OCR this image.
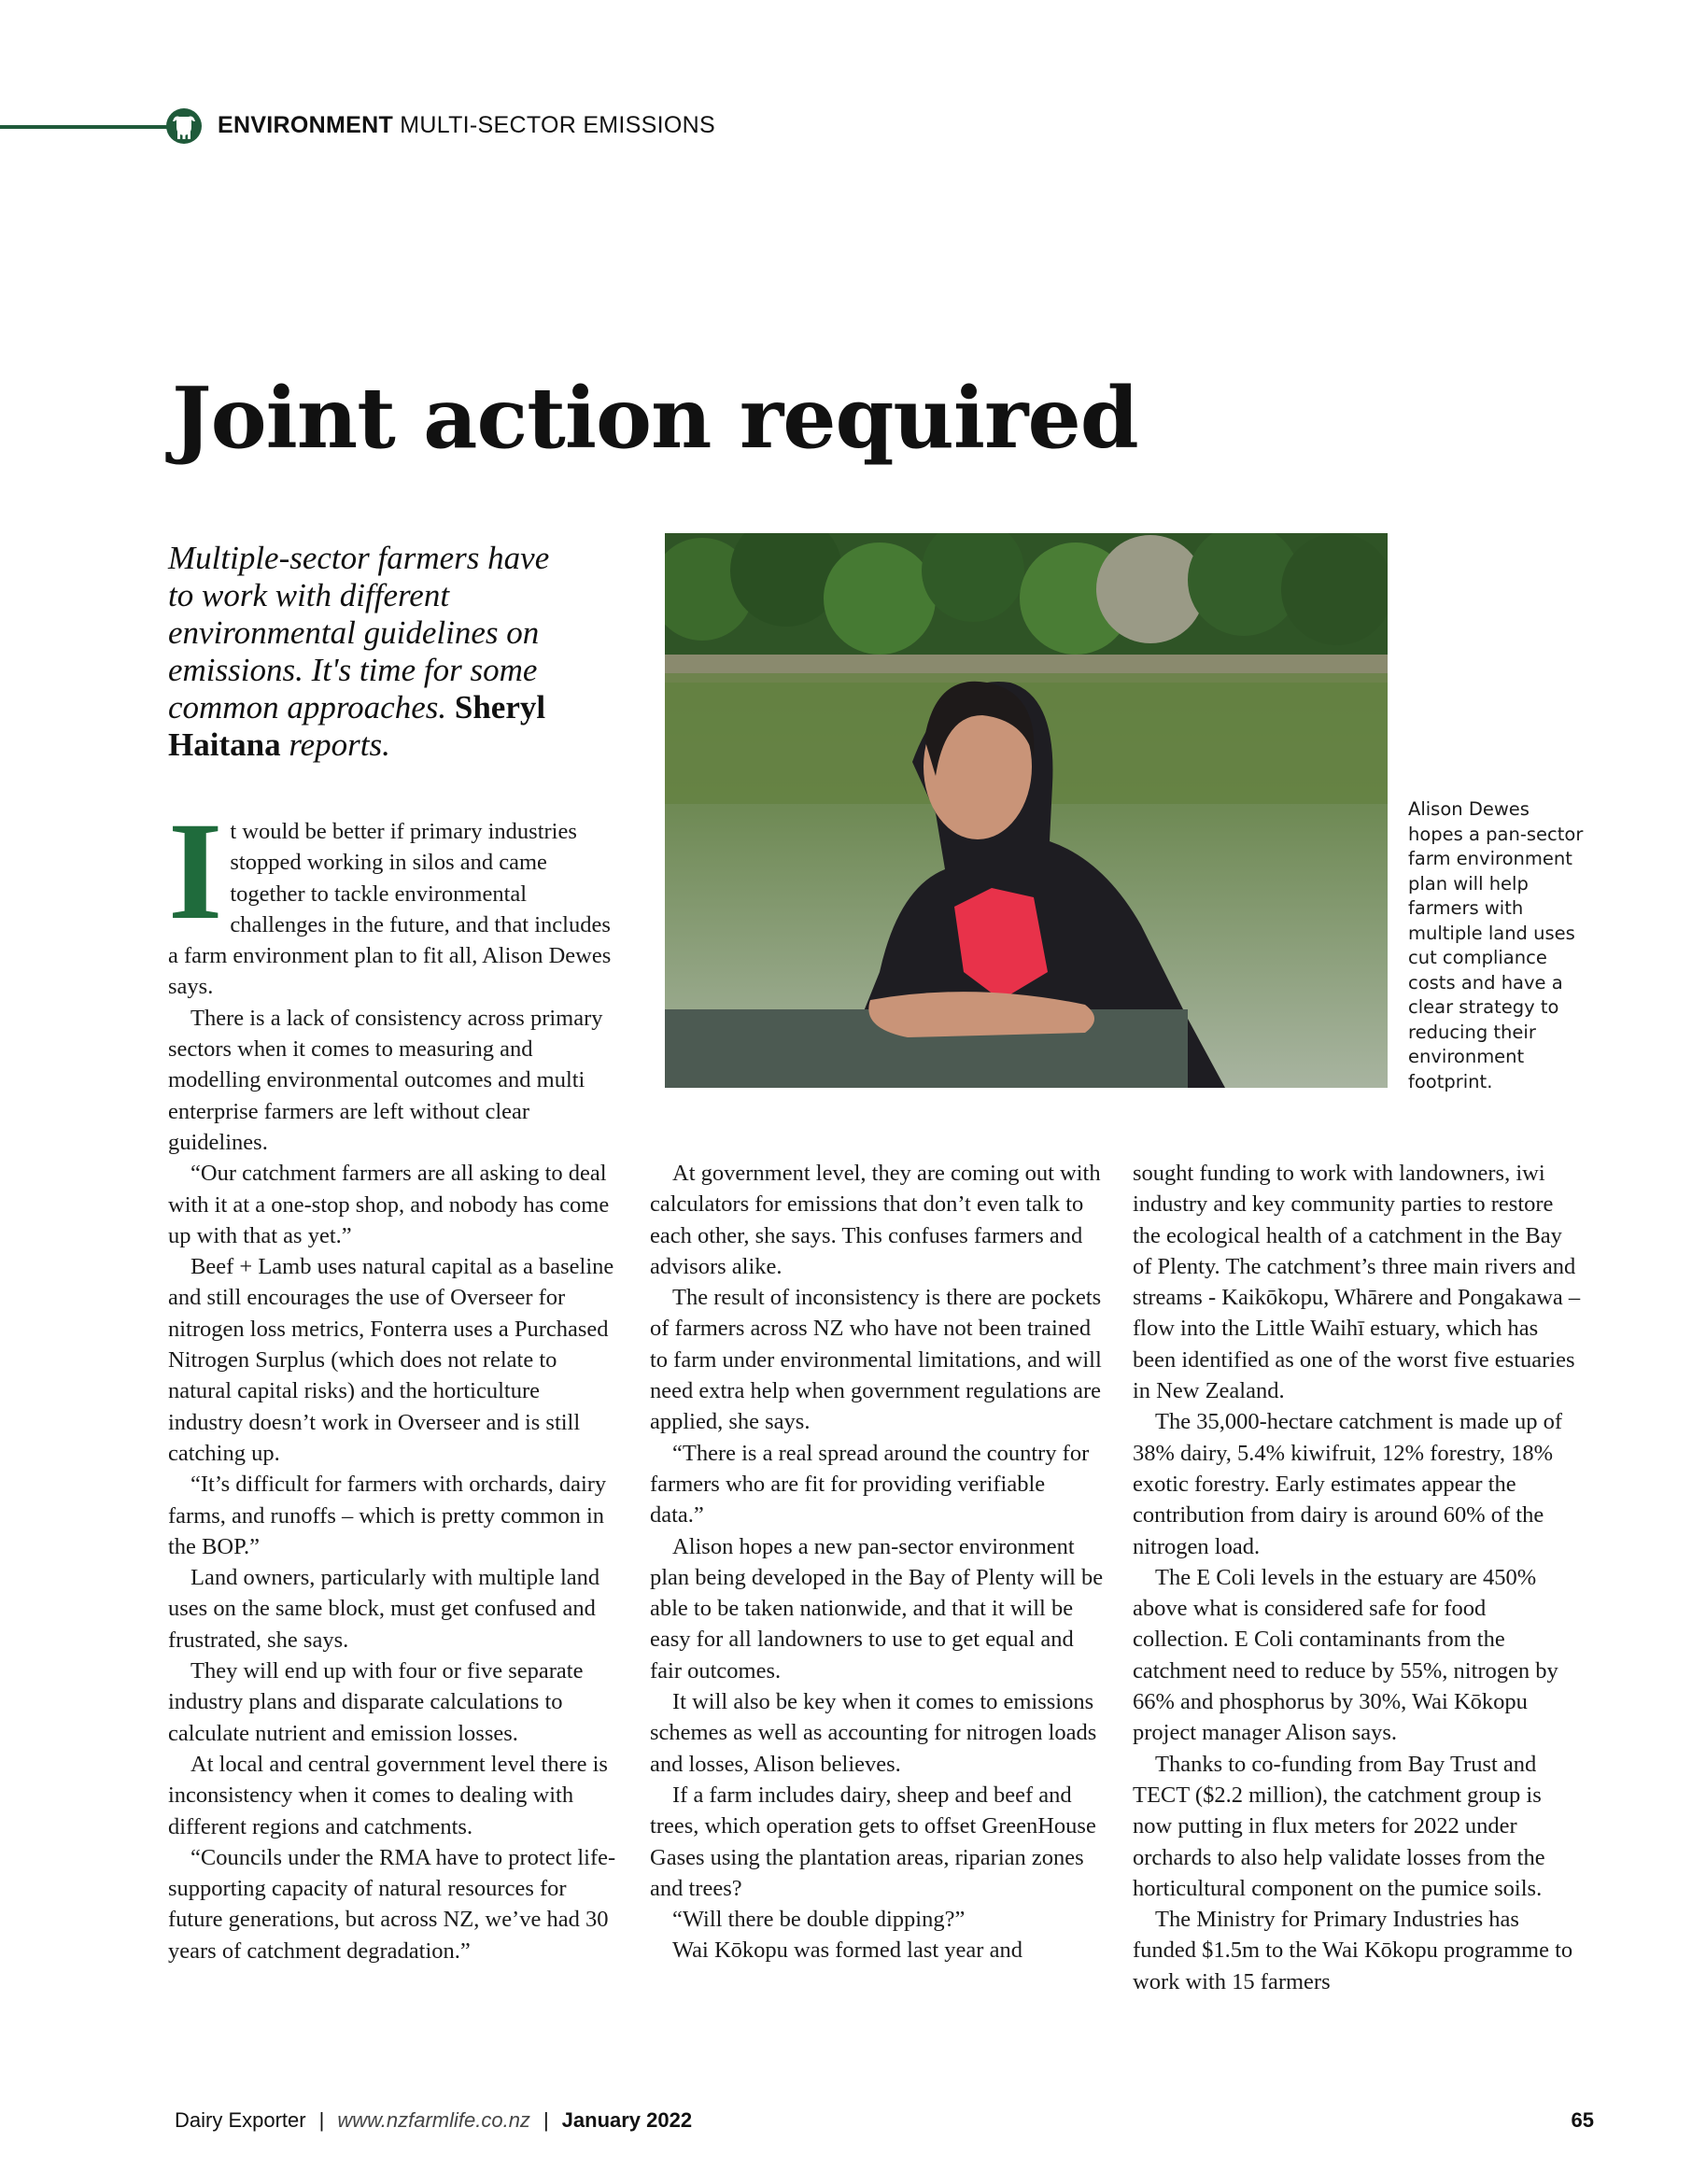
ENVIRONMENT MULTI-SECTOR EMISSIONS
Joint action required
Multiple-sector farmers have to work with different environmental guidelines on emissions. It's time for some common approaches. Sheryl Haitana reports.
Alison Dewes hopes a pan-sector farm environment plan will help farmers with multiple land uses cut compliance costs and have a clear strategy to reducing their environment footprint.

It would be better if primary industries stopped working in silos and came together to tackle environmental challenges in the future, and that includes a farm environment plan to fit all, Alison Dewes says.

There is a lack of consistency across primary sectors when it comes to measuring and modelling environmental outcomes and multi enterprise farmers are left without clear guidelines.

“Our catchment farmers are all asking to deal with it at a one-stop shop, and nobody has come up with that as yet.”

Beef + Lamb uses natural capital as a baseline and still encourages the use of Overseer for nitrogen loss metrics, Fonterra uses a Purchased Nitrogen Surplus (which does not relate to natural capital risks) and the horticulture industry doesn’t work in Overseer and is still catching up.

“It’s difficult for farmers with orchards, dairy farms, and runoffs – which is pretty common in the BOP.”

Land owners, particularly with multiple land uses on the same block, must get confused and frustrated, she says.

They will end up with four or five separate industry plans and disparate calculations to calculate nutrient and emission losses.

At local and central government level there is inconsistency when it comes to dealing with different regions and catchments.

“Councils under the RMA have to protect life-supporting capacity of natural resources for future generations, but across NZ, we’ve had 30 years of catchment degradation.”

At government level, they are coming out with calculators for emissions that don’t even talk to each other, she says. This confuses farmers and advisors alike.

The result of inconsistency is there are pockets of farmers across NZ who have not been trained to farm under environmental limitations, and will need extra help when government regulations are applied, she says.

“There is a real spread around the country for farmers who are fit for providing verifiable data.”

Alison hopes a new pan-sector environment plan being developed in the Bay of Plenty will be able to be taken nationwide, and that it will be easy for all landowners to use to get equal and fair outcomes.

It will also be key when it comes to emissions schemes as well as accounting for nitrogen loads and losses, Alison believes.

If a farm includes dairy, sheep and beef and trees, which operation gets to offset GreenHouse Gases using the plantation areas, riparian zones and trees?

“Will there be double dipping?”

Wai Kōkopu was formed last year and

sought funding to work with landowners, iwi industry and key community parties to restore the ecological health of a catchment in the Bay of Plenty. The catchment’s three main rivers and streams - Kaikōkopu, Whārere and Pongakawa – flow into the Little Waihī estuary, which has been identified as one of the worst five estuaries in New Zealand.

The 35,000-hectare catchment is made up of 38% dairy, 5.4% kiwifruit, 12% forestry, 18% exotic forestry. Early estimates appear the contribution from dairy is around 60% of the nitrogen load.

The E Coli levels in the estuary are 450% above what is considered safe for food collection. E Coli contaminants from the catchment need to reduce by 55%, nitrogen by 66% and phosphorus by 30%, Wai Kōkopu project manager Alison says.

Thanks to co-funding from Bay Trust and TECT ($2.2 million), the catchment group is now putting in flux meters for 2022 under orchards to also help validate losses from the horticultural component on the pumice soils.

The Ministry for Primary Industries has funded $1.5m to the Wai Kōkopu programme to work with 15 farmers

Dairy Exporter | www.nzfarmlife.co.nz | January 2022	65
